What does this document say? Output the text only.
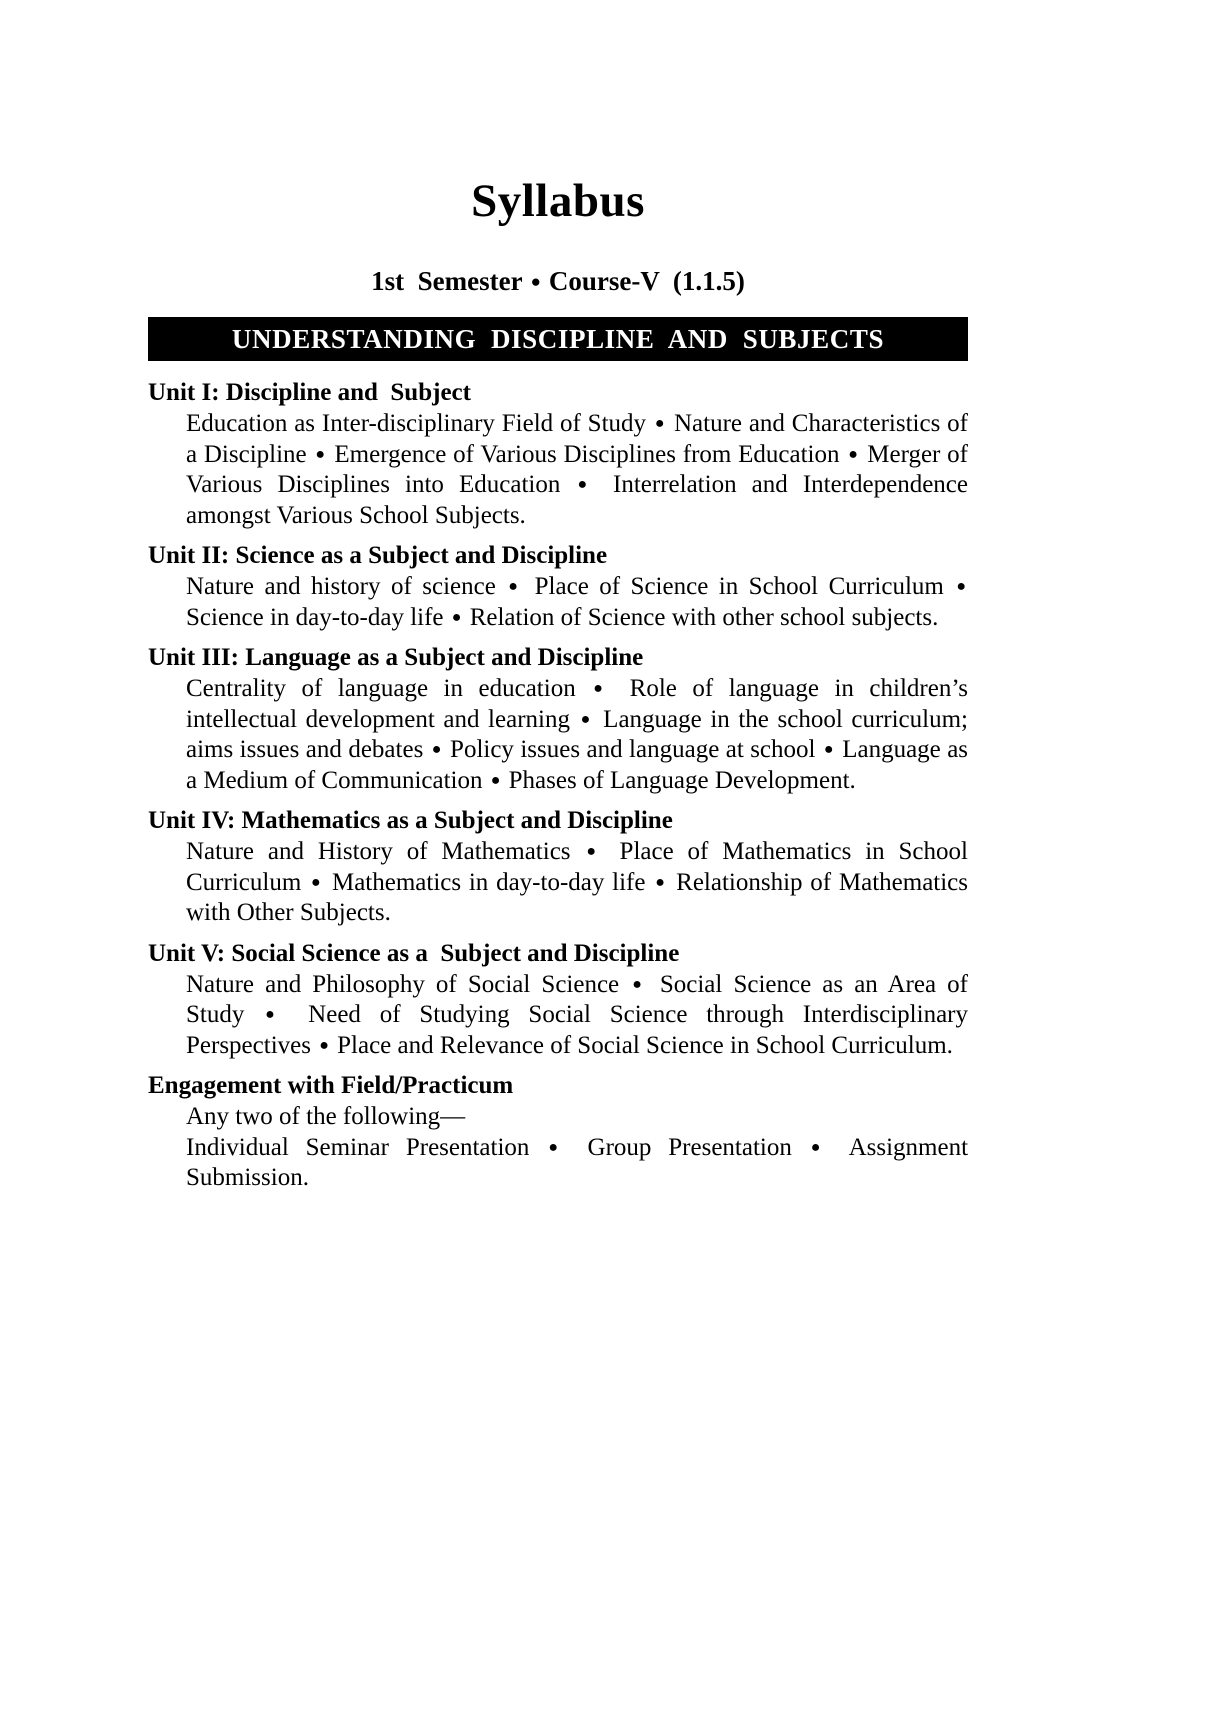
Syllabus
1st  Semester ● Course-V  (1.1.5)
UNDERSTANDING  DISCIPLINE  AND  SUBJECTS
Unit I: Discipline and  Subject
Education as Inter-disciplinary Field of Study ● Nature and Characteristics of a Discipline ● Emergence of Various Disciplines from Education ● Merger of Various Disciplines into Education ● Interrelation and Interdependence amongst Various School Subjects.
Unit II: Science as a Subject and Discipline
Nature and history of science ● Place of Science in School Curriculum ● Science in day-to-day life ● Relation of Science with other school subjects.
Unit III: Language as a Subject and Discipline
Centrality of language in education ● Role of language in children’s intellectual development and learning ● Language in the school curriculum; aims issues and debates ● Policy issues and language at school ● Language as a Medium of Communication ● Phases of Language Development.
Unit IV: Mathematics as a Subject and Discipline
Nature and History of Mathematics ● Place of Mathematics in School Curriculum ● Mathematics in day-to-day life ● Relationship of Mathematics with Other Subjects.
Unit V: Social Science as a  Subject and Discipline
Nature and Philosophy of Social Science ● Social Science as an Area of Study ● Need of Studying Social Science through Interdisciplinary Perspectives ● Place and Relevance of Social Science in School Curriculum.
Engagement with Field/Practicum
Any two of the following—
Individual Seminar Presentation ● Group Presentation ● Assignment Submission.
